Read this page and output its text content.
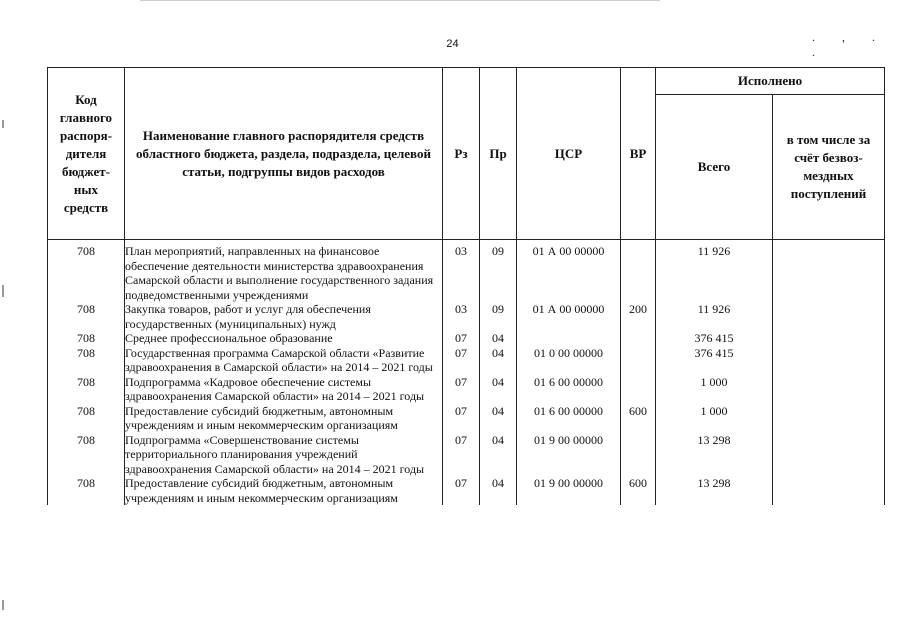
24	. , . .
Код главного распоря-дителя бюджет-ных средств	Наименование главного распорядителя средств областного бюджета, раздела, подраздела, целевой статьи, подгруппы видов расходов	Рз	Пр	ЦСР	ВР	Исполнено	
						Всего	в том числе за счёт безвоз-мездных поступлений

708	План мероприятий, направленных на финансовое обеспечение деятельности министерства здравоохранения Самарской области и выполнение государственного задания подведомственными учреждениями	03	09	01 А 00 00000		11 926	
708	Закупка товаров, работ и услуг для обеспечения государственных (муниципальных) нужд	03	09	01 А 00 00000	200	11 926	
708	Среднее профессиональное образование	07	04			376 415	
708	Государственная программа Самарской области «Развитие здравоохранения в Самарской области» на 2014 – 2021 годы	07	04	01 0 00 00000		376 415	
708	Подпрограмма «Кадровое обеспечение системы здравоохранения Самарской области» на 2014 – 2021 годы	07	04	01 6 00 00000		1 000	
708	Предоставление субсидий бюджетным, автономным учреждениям и иным некоммерческим организациям	07	04	01 6 00 00000	600	1 000	
708	Подпрограмма «Совершенствование системы территориального планирования учреждений здравоохранения Самарской области» на 2014 – 2021 годы	07	04	01 9 00 00000		13 298	
708	Предоставление субсидий бюджетным, автономным учреждениям и иным некоммерческим организациям	07	04	01 9 00 00000	600	13 298	
